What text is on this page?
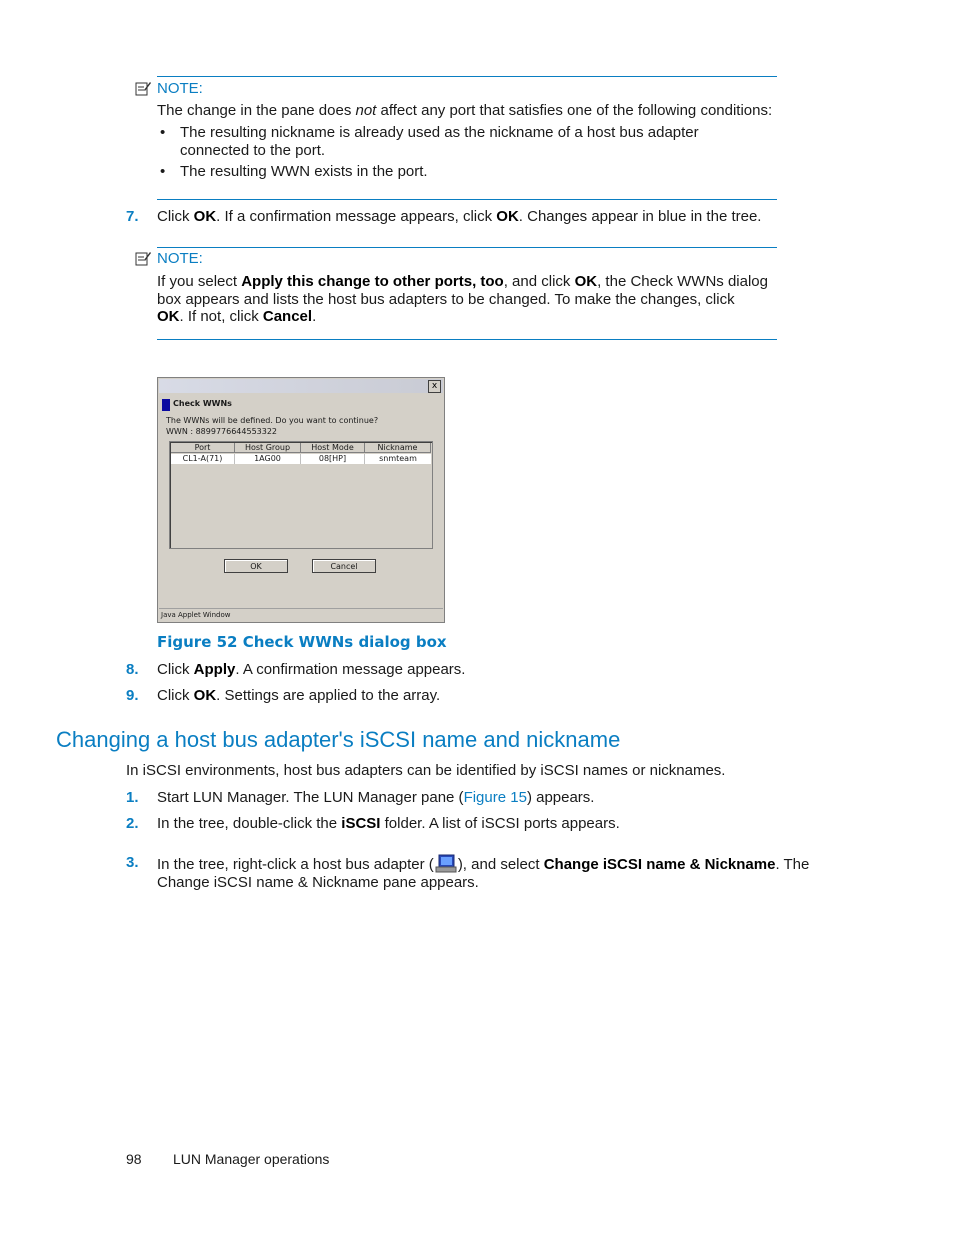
NOTE:
The change in the pane does not affect any port that satisfies one of the following conditions:
• The resulting nickname is already used as the nickname of a host bus adapter
connected to the port.
• The resulting WWN exists in the port.
7. Click OK. If a confirmation message appears, click OK. Changes appear in blue in the tree.
NOTE:
If you select Apply this change to other ports, too, and click OK, the Check WWNs dialog
box appears and lists the host bus adapters to be changed. To make the changes, click
OK. If not, click Cancel.
x
Check WWNs
The WWNs will be defined. Do you want to continue?
WWN : 8899776644553322
Port	Host Group	Host Mode	Nickname
CL1-A(71)	1AG00	08[HP]	snmteam
OK	Cancel
Java Applet Window
Figure 52 Check WWNs dialog box
8. Click Apply. A confirmation message appears.
9. Click OK. Settings are applied to the array.
Changing a host bus adapter's iSCSI name and nickname
In iSCSI environments, host bus adapters can be identified by iSCSI names or nicknames.
1. Start LUN Manager. The LUN Manager pane (Figure 15) appears.
2. In the tree, double-click the iSCSI folder. A list of iSCSI ports appears.
3. In the tree, right-click a host bus adapter ( ), and select Change iSCSI name & Nickname. The
Change iSCSI name & Nickname pane appears.
98 LUN Manager operations
